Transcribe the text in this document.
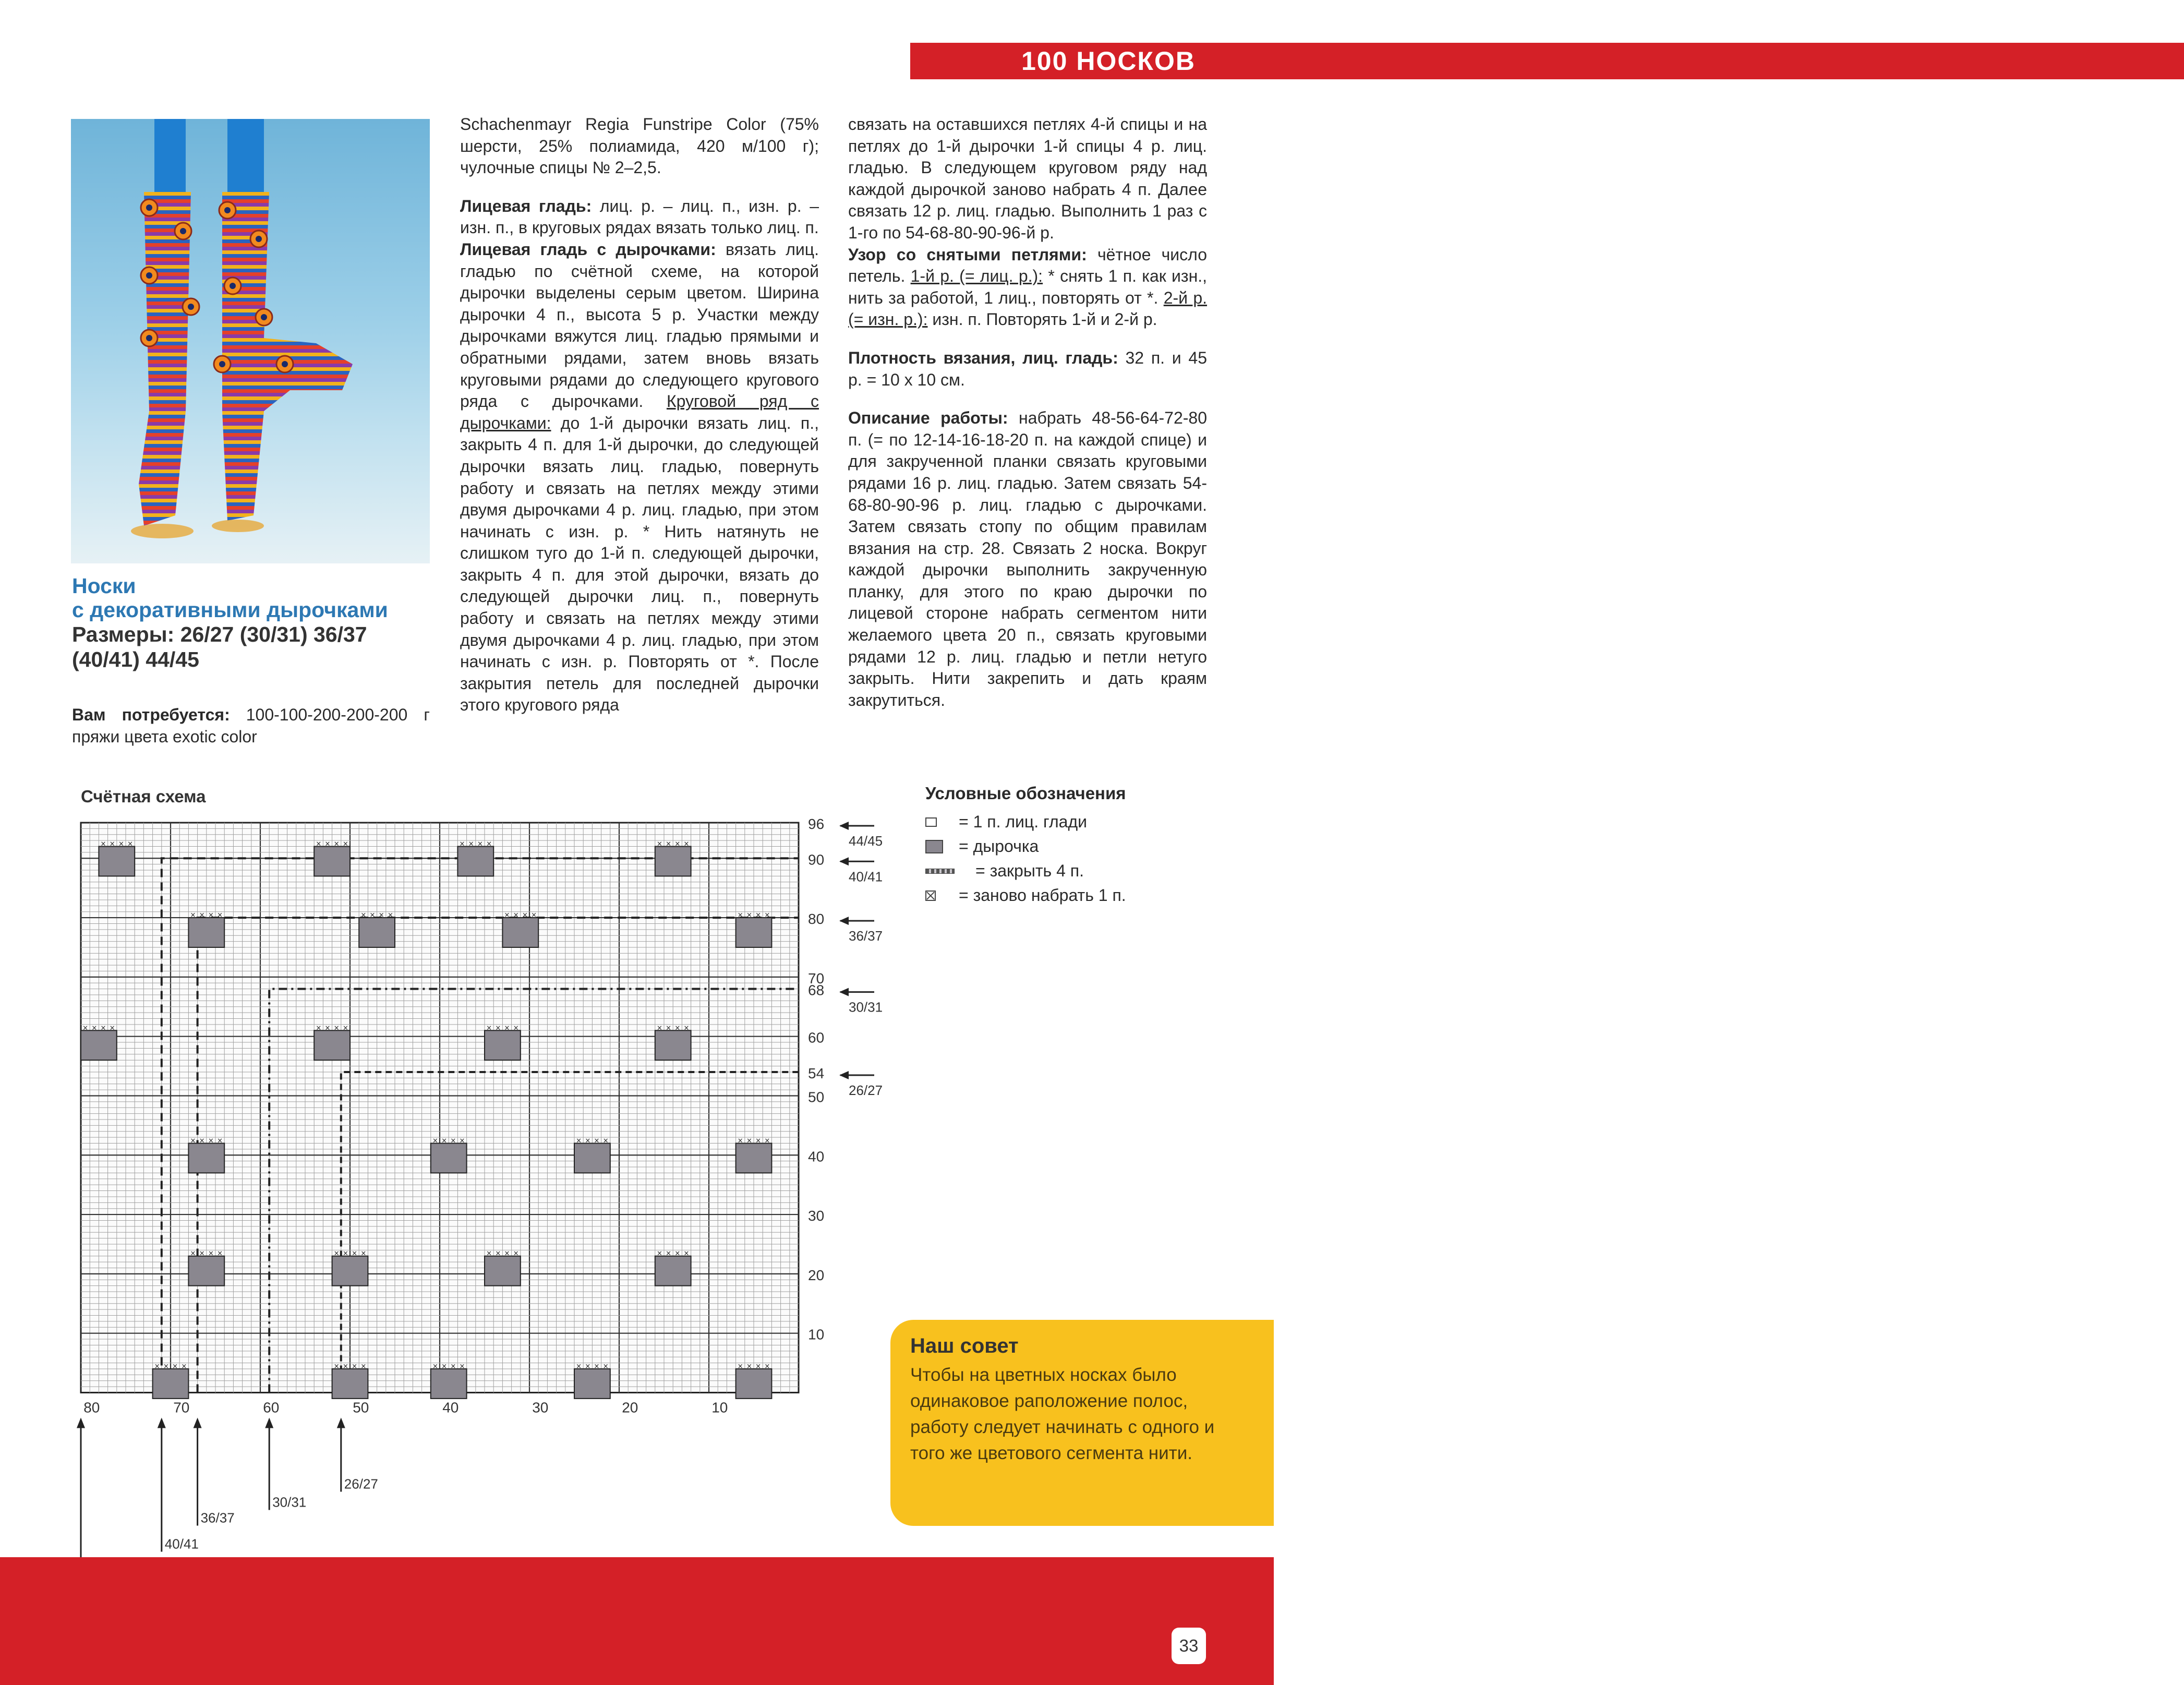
100 НОСКОВ
Носки
с декоративными дырочками
Размеры: 26/27 (30/31) 36/37
(40/41) 44/45

Вам потребуется: 100-100-200-200-200 г пряжи цвета exotic color

Schachenmayr Regia Funstripe Color (75% шерсти, 25% полиамида, 420 м/100 г); чулочные спицы № 2–2,5.

Лицевая гладь: лиц. р. – лиц. п., изн. р. – изн. п., в круговых рядах вязать только лиц. п.

Лицевая гладь с дырочками: вязать лиц. гладью по счётной схеме, на которой дырочки выделены серым цветом. Ширина дырочки 4 п., высота 5 р. Участки между дырочками вяжутся лиц. гладью прямыми и обратными рядами, затем вновь вязать круговыми рядами до следующего кругового ряда с дырочками. Круговой ряд с дырочками: до 1-й дырочки вязать лиц. п., закрыть 4 п. для 1-й дырочки, до следующей дырочки вязать лиц. гладью, повернуть работу и связать на петлях между этими двумя дырочками 4 р. лиц. гладью, при этом начинать с изн. р. * Нить натянуть не слишком туго до 1-й п. следующей дырочки, закрыть 4 п. для этой дырочки, вязать до следующей дырочки лиц. п., повернуть работу и связать на петлях между этими двумя дырочками 4 р. лиц. гладью, при этом начинать с изн. р. Повторять от *. После закрытия петель для последней дырочки этого кругового ряда

связать на оставшихся петлях 4-й спицы и на петлях до 1-й дырочки 1-й спицы 4 р. лиц. гладью. В следующем круговом ряду над каждой дырочкой заново набрать 4 п. Далее связать 12 р. лиц. гладью. Выполнить 1 раз с 1-го по 54-68-80-90-96-й р.

Узор со снятыми петлями: чётное число петель. 1-й р. (= лиц. р.): * снять 1 п. как изн., нить за работой, 1 лиц., повторять от *. 2-й р. (= изн. р.): изн. п. Повторять 1-й и 2-й р.

Плотность вязания, лиц. гладь: 32 п. и 45 р. = 10 х 10 см.

Описание работы: набрать 48-56-64-72-80 п. (= по 12-14-16-18-20 п. на каждой спице) и для закрученной планки связать круговыми рядами 16 р. лиц. гладью. Затем связать 54-68-80-90-96 р. лиц. гладью с дырочками. Затем связать стопу по общим правилам вязания на стр. 28. Связать 2 носка. Вокруг каждой дырочки выполнить закрученную планку, для этого по краю дырочки по лицевой стороне набрать сегментом нити желаемого цвета 20 п., связать круговыми рядами 12 р. лиц. гладью и петли нетуго закрыть. Нити закрепить и дать краям закрутиться.

Счётная схема
× × × ×	× × × ×	× × × ×	× × × ×
× × × ×	× × × ×	× × × ×	× × × ×
× × × ×	× × × ×	× × × ×	× × × ×
× × × ×	× × × ×	× × × ×	× × × ×
× × × ×	× × × ×	× × × ×	× × × ×
× × × ×	× × × ×	× × × ×	× × × ×	× × × ×
96
90
80
70
68
60
54
50
40
30
20
10
80	70	60	50	40	30	20	10
44/45
40/41
36/37
30/31
26/27
40/41
36/37
30/31
26/27
Условные обозначения
= 1 п. лиц. глади
= дырочка
= закрыть 4 п.
= заново набрать 1 п.
Наш совет
Чтобы на цветных носках было одинаковое раположение полос, работу следует начинать с одного и того же цветового сегмента нити.
33
